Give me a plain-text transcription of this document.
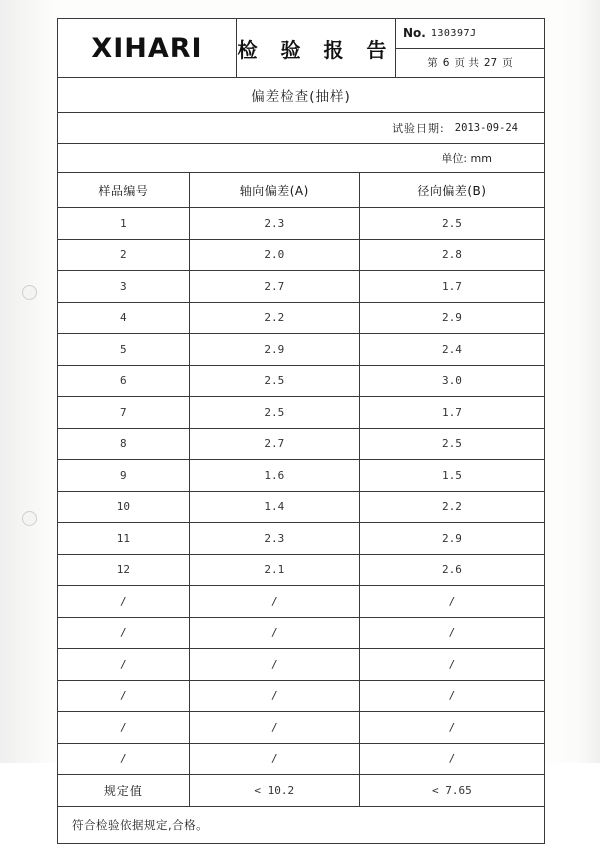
XIHARI 检 验 报 告
No. 130397J
第 6 页 共 27 页
偏差检查(抽样)
试验日期: 2013-09-24
单位: mm
样品编号	轴向偏差(A)	径向偏差(B)
1	2.3	2.5
2	2.0	2.8
3	2.7	1.7
4	2.2	2.9
5	2.9	2.4
6	2.5	3.0
7	2.5	1.7
8	2.7	2.5
9	1.6	1.5
10	1.4	2.2
11	2.3	2.9
12	2.1	2.6
/	/	/
/	/	/
/	/	/
/	/	/
/	/	/
/	/	/
规定值	< 10.2	< 7.65
符合检验依据规定,合格。
